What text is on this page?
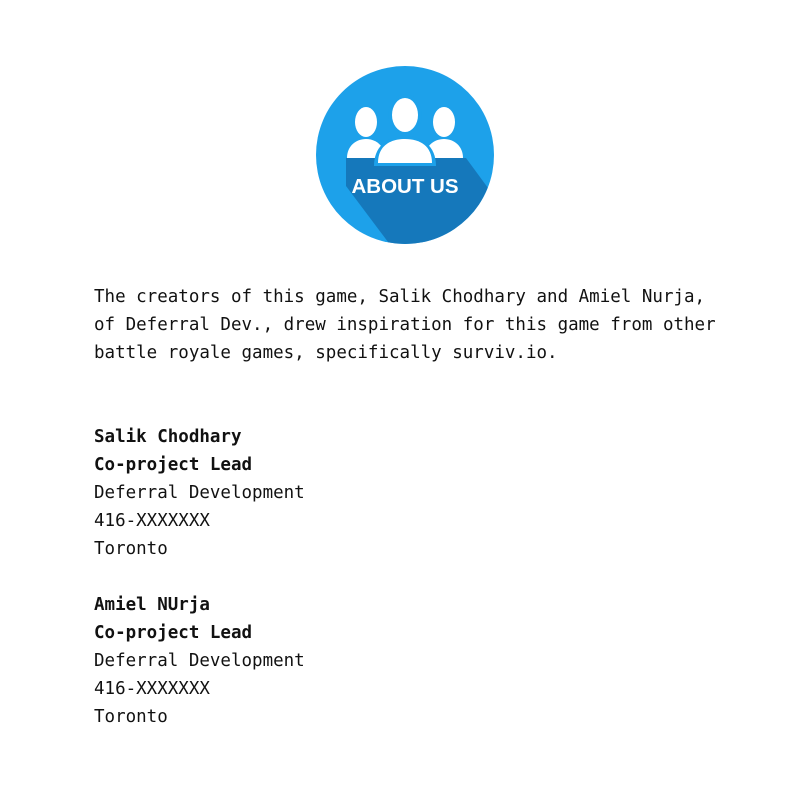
ABOUT US

The creators of this game, Salik Chodhary and Amiel Nurja, of Deferral Dev., drew inspiration for this game from other battle royale games, specifically surviv.io.

Salik Chodhary
Co-project Lead
Deferral Development
416-XXXXXXX
Toronto
Amiel NUrja
Co-project Lead
Deferral Development
416-XXXXXXX
Toronto
